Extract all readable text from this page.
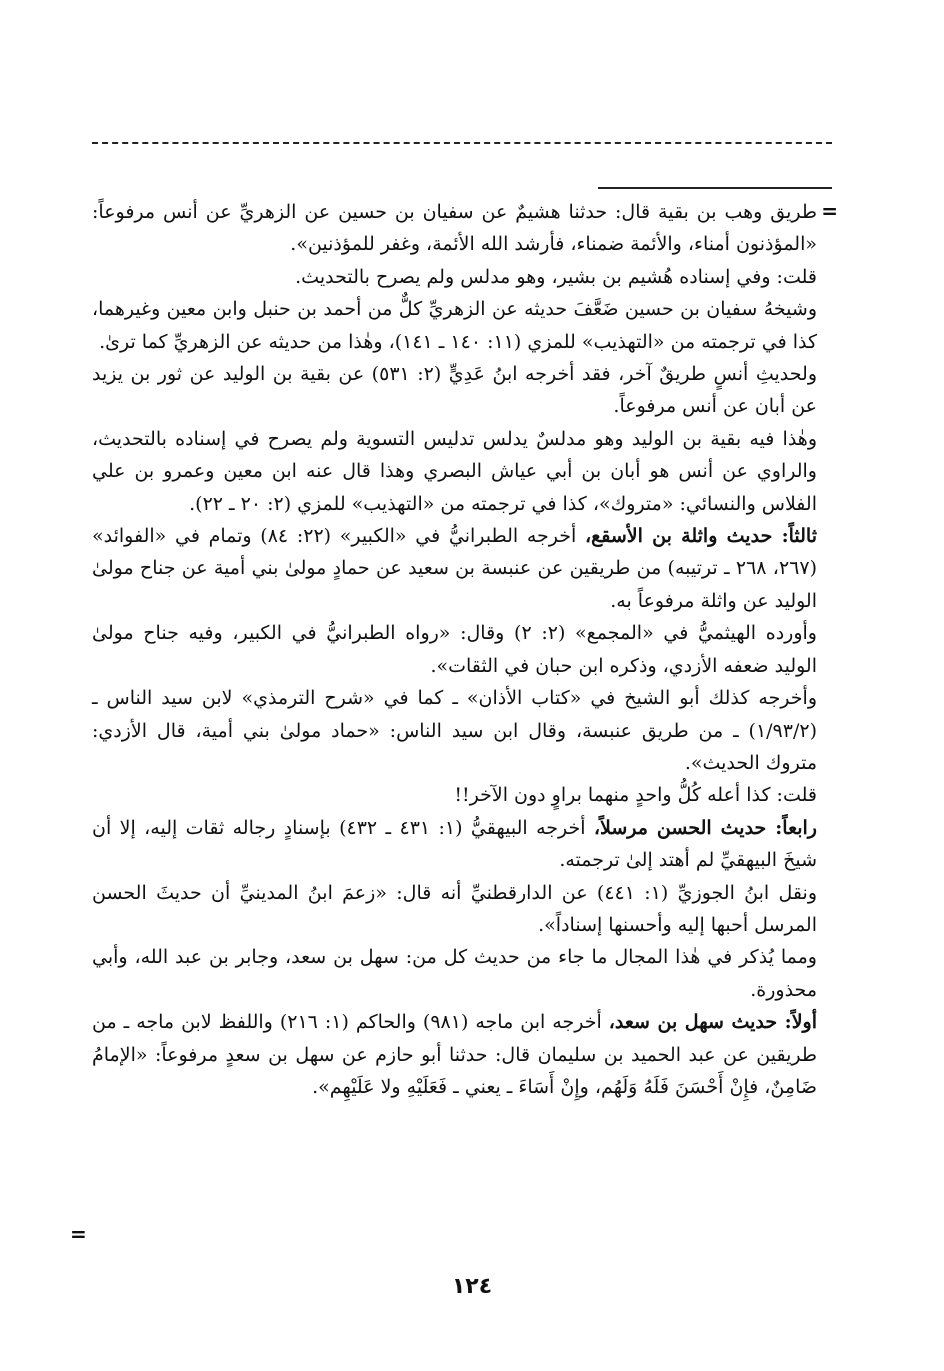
=
=

طريق وهب بن بقية قال: حدثنا هشيمٌ عن سفيان بن حسين عن الزهريِّ عن أنس مرفوعاً: «المؤذنون أمناء، والأئمة ضمناء، فأرشد الله الأئمة، وغفر للمؤذنين».

قلت: وفي إسناده هُشيم بن بشير، وهو مدلس ولم يصرح بالتحديث.

وشيخهُ سفيان بن حسين ضَعَّفَ حديثه عن الزهريِّ كلٌّ من أحمد بن حنبل وابن معين وغيرهما، كذا في ترجمته من «التهذيب» للمزي (١١: ١٤٠ ـ ١٤١)، وهٰذا من حديثه عن الزهريِّ كما ترىٰ.

ولحديثِ أنسٍ طريقٌ آخر، فقد أخرجه ابنُ عَدِيٍّ (٢: ٥٣١) عن بقية بن الوليد عن ثور بن يزيد عن أبان عن أنس مرفوعاً.

وهٰذا فيه بقية بن الوليد وهو مدلسٌ يدلس تدليس التسوية ولم يصرح في إسناده بالتحديث، والراوي عن أنس هو أبان بن أبي عياش البصري وهذا قال عنه ابن معين وعمرو بن علي الفلاس والنسائي: «متروك»، كذا في ترجمته من «التهذيب» للمزي (٢: ٢٠ ـ ٢٢).

ثالثاً: حديث واثلة بن الأسقع، أخرجه الطبرانيُّ في «الكبير» (٢٢: ٨٤) وتمام في «الفوائد» (٢٦٧، ٢٦٨ ـ ترتيبه) من طريقين عن عنبسة بن سعيد عن حمادٍ مولىٰ بني أمية عن جناح مولىٰ الوليد عن واثلة مرفوعاً به.

وأورده الهيثميُّ في «المجمع» (٢: ٢) وقال: «رواه الطبرانيُّ في الكبير، وفيه جناح مولىٰ الوليد ضعفه الأزدي، وذكره ابن حبان في الثقات».

وأخرجه كذلك أبو الشيخ في «كتاب الأذان» ـ كما في «شرح الترمذي» لابن سيد الناس ـ (١/٩٣/٢) ـ من طريق عنبسة، وقال ابن سيد الناس: «حماد مولىٰ بني أمية، قال الأزدي: متروك الحديث».

قلت: كذا أعله كُلُّ واحدٍ منهما براوٍ دون الآخر!!

رابعاً: حديث الحسن مرسلاً، أخرجه البيهقيُّ (١: ٤٣١ ـ ٤٣٢) بإسنادٍ رجاله ثقات إليه، إلا أن شيخَ البيهقيِّ لم أهتد إلىٰ ترجمته.

ونقل ابنُ الجوزيِّ (١: ٤٤١) عن الدارقطنيِّ أنه قال: «زعمَ ابنُ المدينيِّ أن حديثَ الحسن المرسل أحبها إليه وأحسنها إسناداً».

ومما يُذكر في هٰذا المجال ما جاء من حديث كل من: سهل بن سعد، وجابر بن عبد الله، وأبي محذورة.

أولاً: حديث سهل بن سعد، أخرجه ابن ماجه (٩٨١) والحاكم (١: ٢١٦) واللفظ لابن ماجه ـ من طريقين عن عبد الحميد بن سليمان قال: حدثنا أبو حازم عن سهل بن سعدٍ مرفوعاً: «الإمامُ ضَامِنٌ، فإِنْ أَحْسَنَ فَلَهُ وَلَهُم، وإِنْ أَسَاءَ ـ يعني ـ فَعَلَيْهِ ولا عَلَيْهِم».

١٢٤
